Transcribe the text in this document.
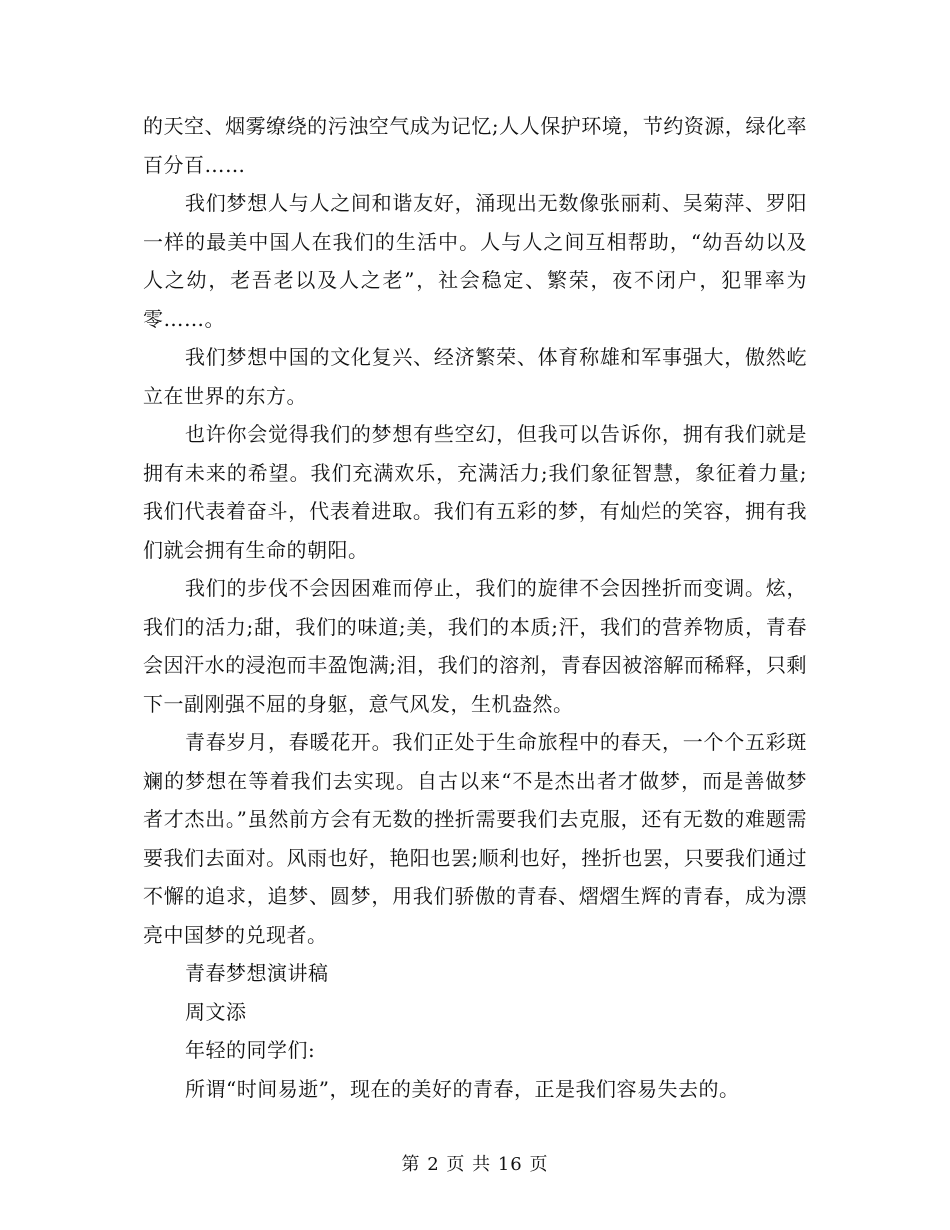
的天空、烟雾缭绕的污浊空气成为记忆;人人保护环境，节约资源，绿化率百分百……

我们梦想人与人之间和谐友好，涌现出无数像张丽莉、吴菊萍、罗阳一样的最美中国人在我们的生活中。人与人之间互相帮助，“幼吾幼以及人之幼，老吾老以及人之老”，社会稳定、繁荣，夜不闭户，犯罪率为零……。

我们梦想中国的文化复兴、经济繁荣、体育称雄和军事强大，傲然屹立在世界的东方。

也许你会觉得我们的梦想有些空幻，但我可以告诉你，拥有我们就是拥有未来的希望。我们充满欢乐，充满活力;我们象征智慧，象征着力量;我们代表着奋斗，代表着进取。我们有五彩的梦，有灿烂的笑容，拥有我们就会拥有生命的朝阳。

我们的步伐不会因困难而停止，我们的旋律不会因挫折而变调。炫，我们的活力;甜，我们的味道;美，我们的本质;汗，我们的营养物质，青春会因汗水的浸泡而丰盈饱满;泪，我们的溶剂，青春因被溶解而稀释，只剩下一副刚强不屈的身躯，意气风发，生机盎然。

青春岁月，春暖花开。我们正处于生命旅程中的春天，一个个五彩斑斓的梦想在等着我们去实现。自古以来“不是杰出者才做梦，而是善做梦者才杰出。”虽然前方会有无数的挫折需要我们去克服，还有无数的难题需要我们去面对。风雨也好，艳阳也罢;顺利也好，挫折也罢，只要我们通过不懈的追求，追梦、圆梦，用我们骄傲的青春、熠熠生辉的青春，成为漂亮中国梦的兑现者。

青春梦想演讲稿

周文添

年轻的同学们:

所谓“时间易逝”，现在的美好的青春，正是我们容易失去的。

第 2 页 共 16 页
